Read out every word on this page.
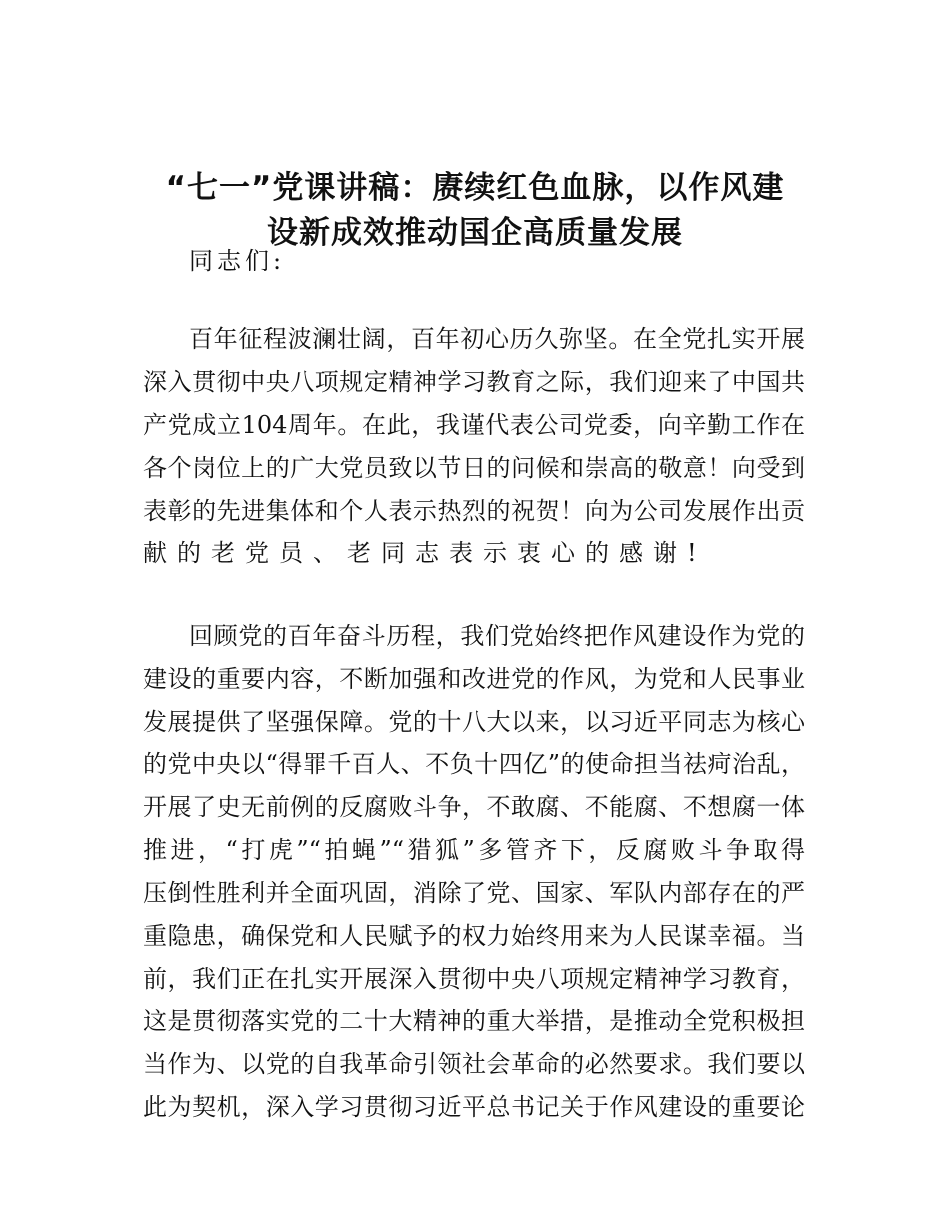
“七一”党课讲稿：赓续红色血脉，以作风建
设新成效推动国企高质量发展
同志们:
百年征程波澜壮阔，百年初心历久弥坚。在全党扎实开展
深入贯彻中央八项规定精神学习教育之际，我们迎来了中国共
产党成立104周年。在此，我谨代表公司党委，向辛勤工作在
各个岗位上的广大党员致以节日的问候和崇高的敬意！向受到
表彰的先进集体和个人表示热烈的祝贺！向为公司发展作出贡
献的老党员、老同志表示衷心的感谢!
回顾党的百年奋斗历程，我们党始终把作风建设作为党的
建设的重要内容，不断加强和改进党的作风，为党和人民事业
发展提供了坚强保障。党的十八大以来，以习近平同志为核心
的党中央以“得罪千百人、不负十四亿”的使命担当祛疴治乱，
开展了史无前例的反腐败斗争，不敢腐、不能腐、不想腐一体
推进，“打虎”“拍蝇”“猎狐”多管齐下，反腐败斗争取得
压倒性胜利并全面巩固，消除了党、国家、军队内部存在的严
重隐患，确保党和人民赋予的权力始终用来为人民谋幸福。当
前，我们正在扎实开展深入贯彻中央八项规定精神学习教育，
这是贯彻落实党的二十大精神的重大举措，是推动全党积极担
当作为、以党的自我革命引领社会革命的必然要求。我们要以
此为契机，深入学习贯彻习近平总书记关于作风建设的重要论
